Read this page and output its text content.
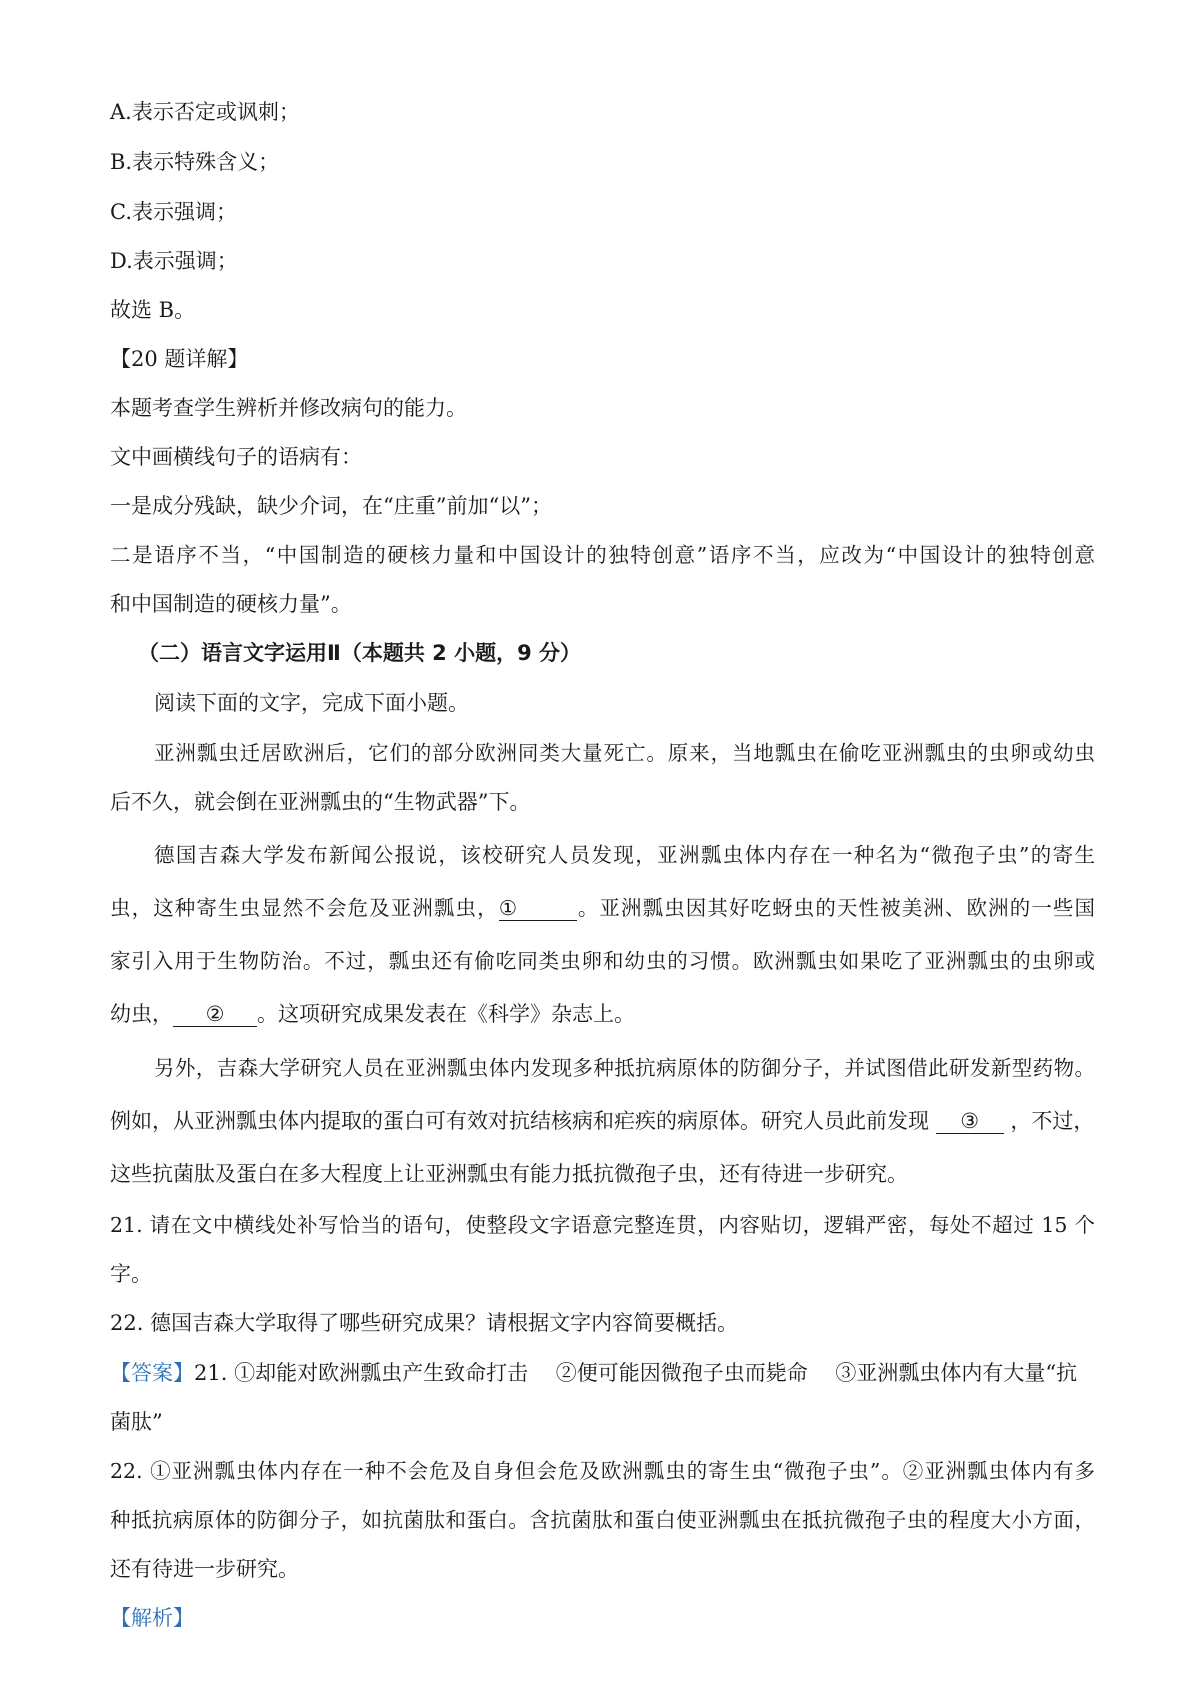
A.表示否定或讽刺；
B.表示特殊含义；
C.表示强调；
D.表示强调；
故选 B。
【20 题详解】
本题考查学生辨析并修改病句的能力。
文中画横线句子的语病有：
一是成分残缺，缺少介词，在“庄重”前加“以”；
二是语序不当，“中国制造的硬核力量和中国设计的独特创意”语序不当，应改为“中国设计的独特创意
和中国制造的硬核力量”。
（二）语言文字运用Ⅱ（本题共 2 小题，9 分）
阅读下面的文字，完成下面小题。
亚洲瓢虫迁居欧洲后，它们的部分欧洲同类大量死亡。原来，当地瓢虫在偷吃亚洲瓢虫的虫卵或幼虫
后不久，就会倒在亚洲瓢虫的“生物武器”下。
德国吉森大学发布新闻公报说，该校研究人员发现，亚洲瓢虫体内存在一种名为“微孢子虫”的寄生
虫，这种寄生虫显然不会危及亚洲瓢虫，①	。亚洲瓢虫因其好吃蚜虫的天性被美洲、欧洲的一些国
家引入用于生物防治。不过，瓢虫还有偷吃同类虫卵和幼虫的习惯。欧洲瓢虫如果吃了亚洲瓢虫的虫卵或
幼虫， ② 。这项研究成果发表在《科学》杂志上。
另外，吉森大学研究人员在亚洲瓢虫体内发现多种抵抗病原体的防御分子，并试图借此研发新型药物。
例如，从亚洲瓢虫体内提取的蛋白可有效对抗结核病和疟疾的病原体。研究人员此前发现 ③ ，不过，
这些抗菌肽及蛋白在多大程度上让亚洲瓢虫有能力抵抗微孢子虫，还有待进一步研究。
21. 请在文中横线处补写恰当的语句，使整段文字语意完整连贯，内容贴切，逻辑严密，每处不超过 15 个
字。
22. 德国吉森大学取得了哪些研究成果？请根据文字内容简要概括。
【答案】21. ①却能对欧洲瓢虫产生致命打击　 ②便可能因微孢子虫而毙命　 ③亚洲瓢虫体内有大量“抗
菌肽”
22. ①亚洲瓢虫体内存在一种不会危及自身但会危及欧洲瓢虫的寄生虫“微孢子虫”。②亚洲瓢虫体内有多
种抵抗病原体的防御分子，如抗菌肽和蛋白。含抗菌肽和蛋白使亚洲瓢虫在抵抗微孢子虫的程度大小方面，
还有待进一步研究。
【解析】
